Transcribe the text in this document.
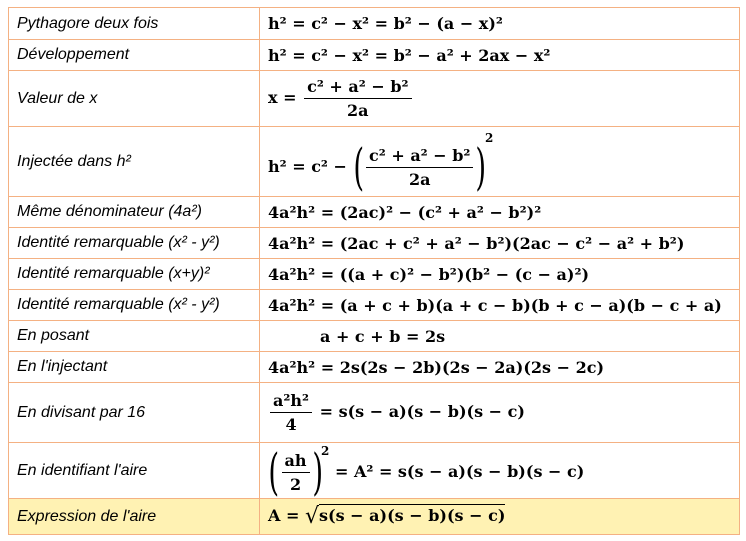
Pythagore deux fois	h² = c² − x² = b² − (a − x)²
Développement	h² = c² − x² = b² − a² + 2ax − x²
Valeur de x	$x = \frac{\text{c² + a² − b²}}{2a}$

Injectée dans h²	h² = c² − ( $\frac{\text{c² + a² − b²}}{2a} )^2$
Même dénominateur (4a²)	4a²h² = (2ac)² − (c² + a² − b²)²
Identité remarquable (x² - y²)	4a²h² = (2ac + c² + a² − b²)(2ac − c² − a² + b²)
Identité remarquable (x+y)²	4a²h² = ((a + c)² − b²)(b² − (c − a)²)
Identité remarquable (x² - y²)	4a²h² = (a + c + b)(a + c − b)(b + c − a)(b − c + a)
En posant	a + c + b = 2s
En l'injectant	4a²h² = 2s(2s − 2b)(2s − 2a)(2s − 2c)
En divisant par 16	$\frac{\text{a²h²}}{4} = s(s - a)(s - b)(s - c)$
En identifiant l'aire	( $\frac{ah}{2} )^2 = A^2 = s(s - a)(s - b)(s - c)$
Expression de l'aire	A = √s(s − a)(s − b)(s − c)
